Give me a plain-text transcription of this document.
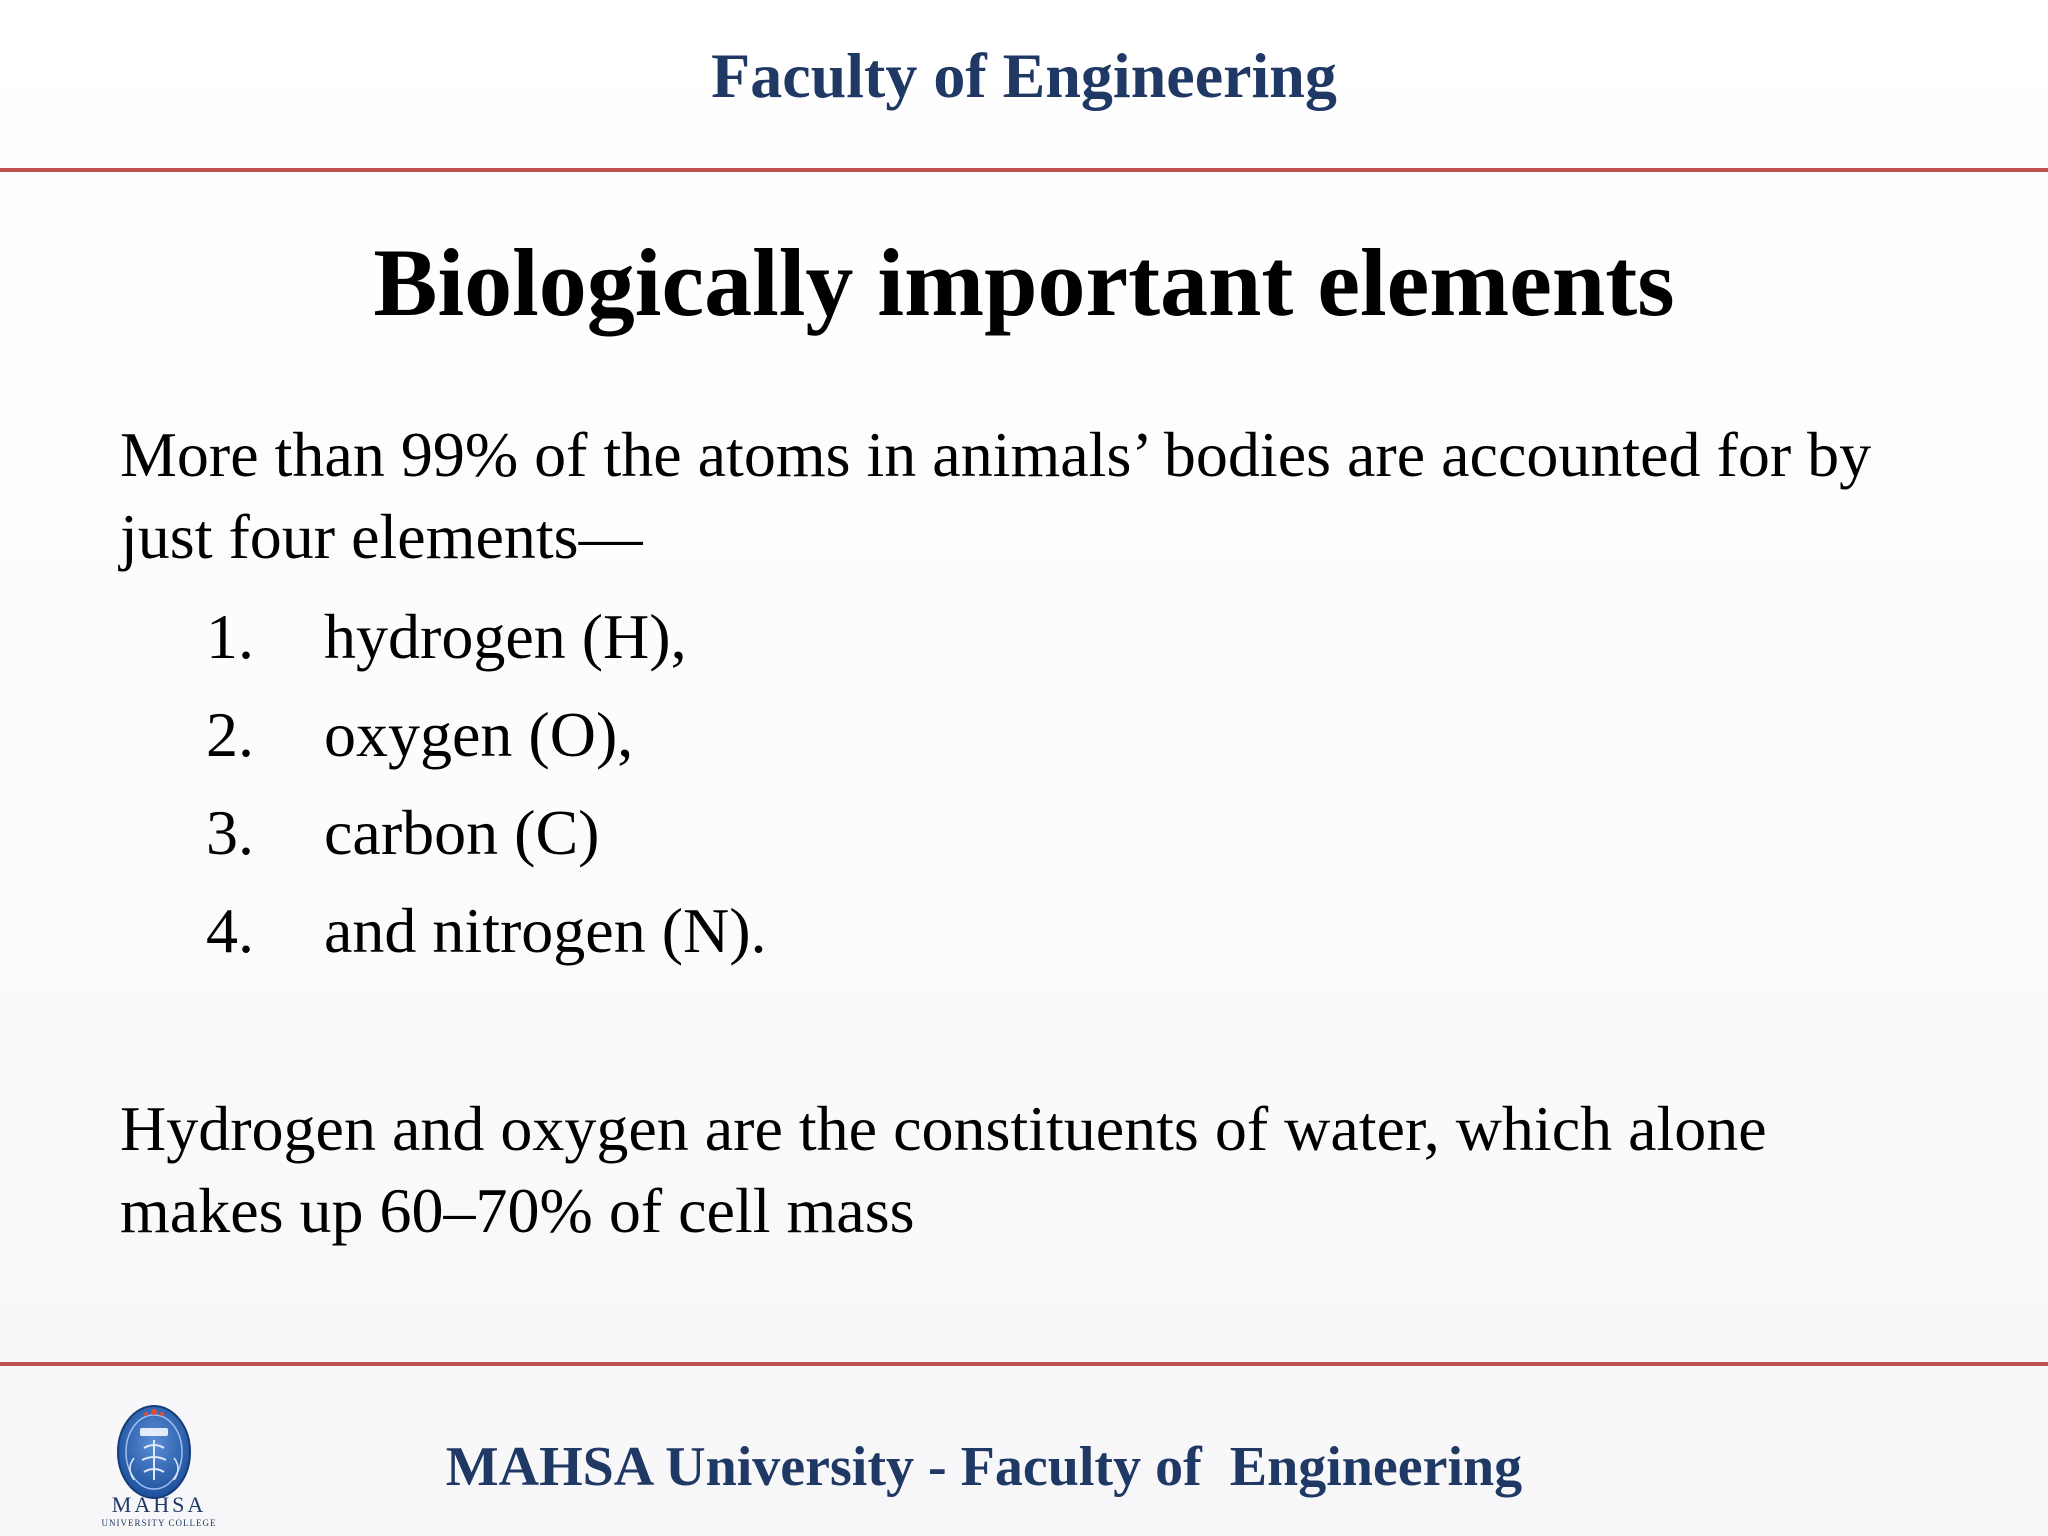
Faculty of Engineering
Biologically important elements
More than 99% of the atoms in animals’ bodies are accounted for by just four elements—
1. hydrogen (H),
2. oxygen (O),
3. carbon (C)
4. and nitrogen (N).
Hydrogen and oxygen are the constituents of water, which alone makes up 60–70% of cell mass
MAHSA
UNIVERSITY COLLEGE
MAHSA University - Faculty of  Engineering
